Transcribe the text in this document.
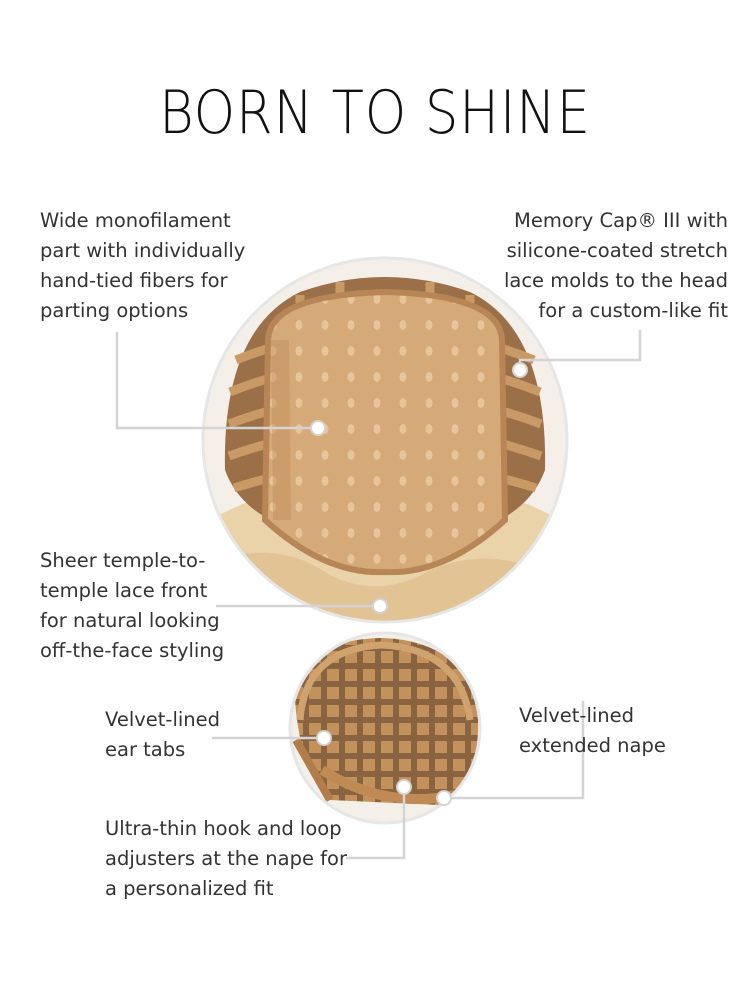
BORN TO SHINE
Wide monofilament
part with individually
hand-tied fibers for
parting options
Memory Cap® III with
silicone-coated stretch
lace molds to the head
for a custom-like fit
Sheer temple-to-
temple lace front
for natural looking
off-the-face styling
Velvet-lined
ear tabs
Velvet-lined
extended nape
Ultra-thin hook and loop
adjusters at the nape for
a personalized fit
